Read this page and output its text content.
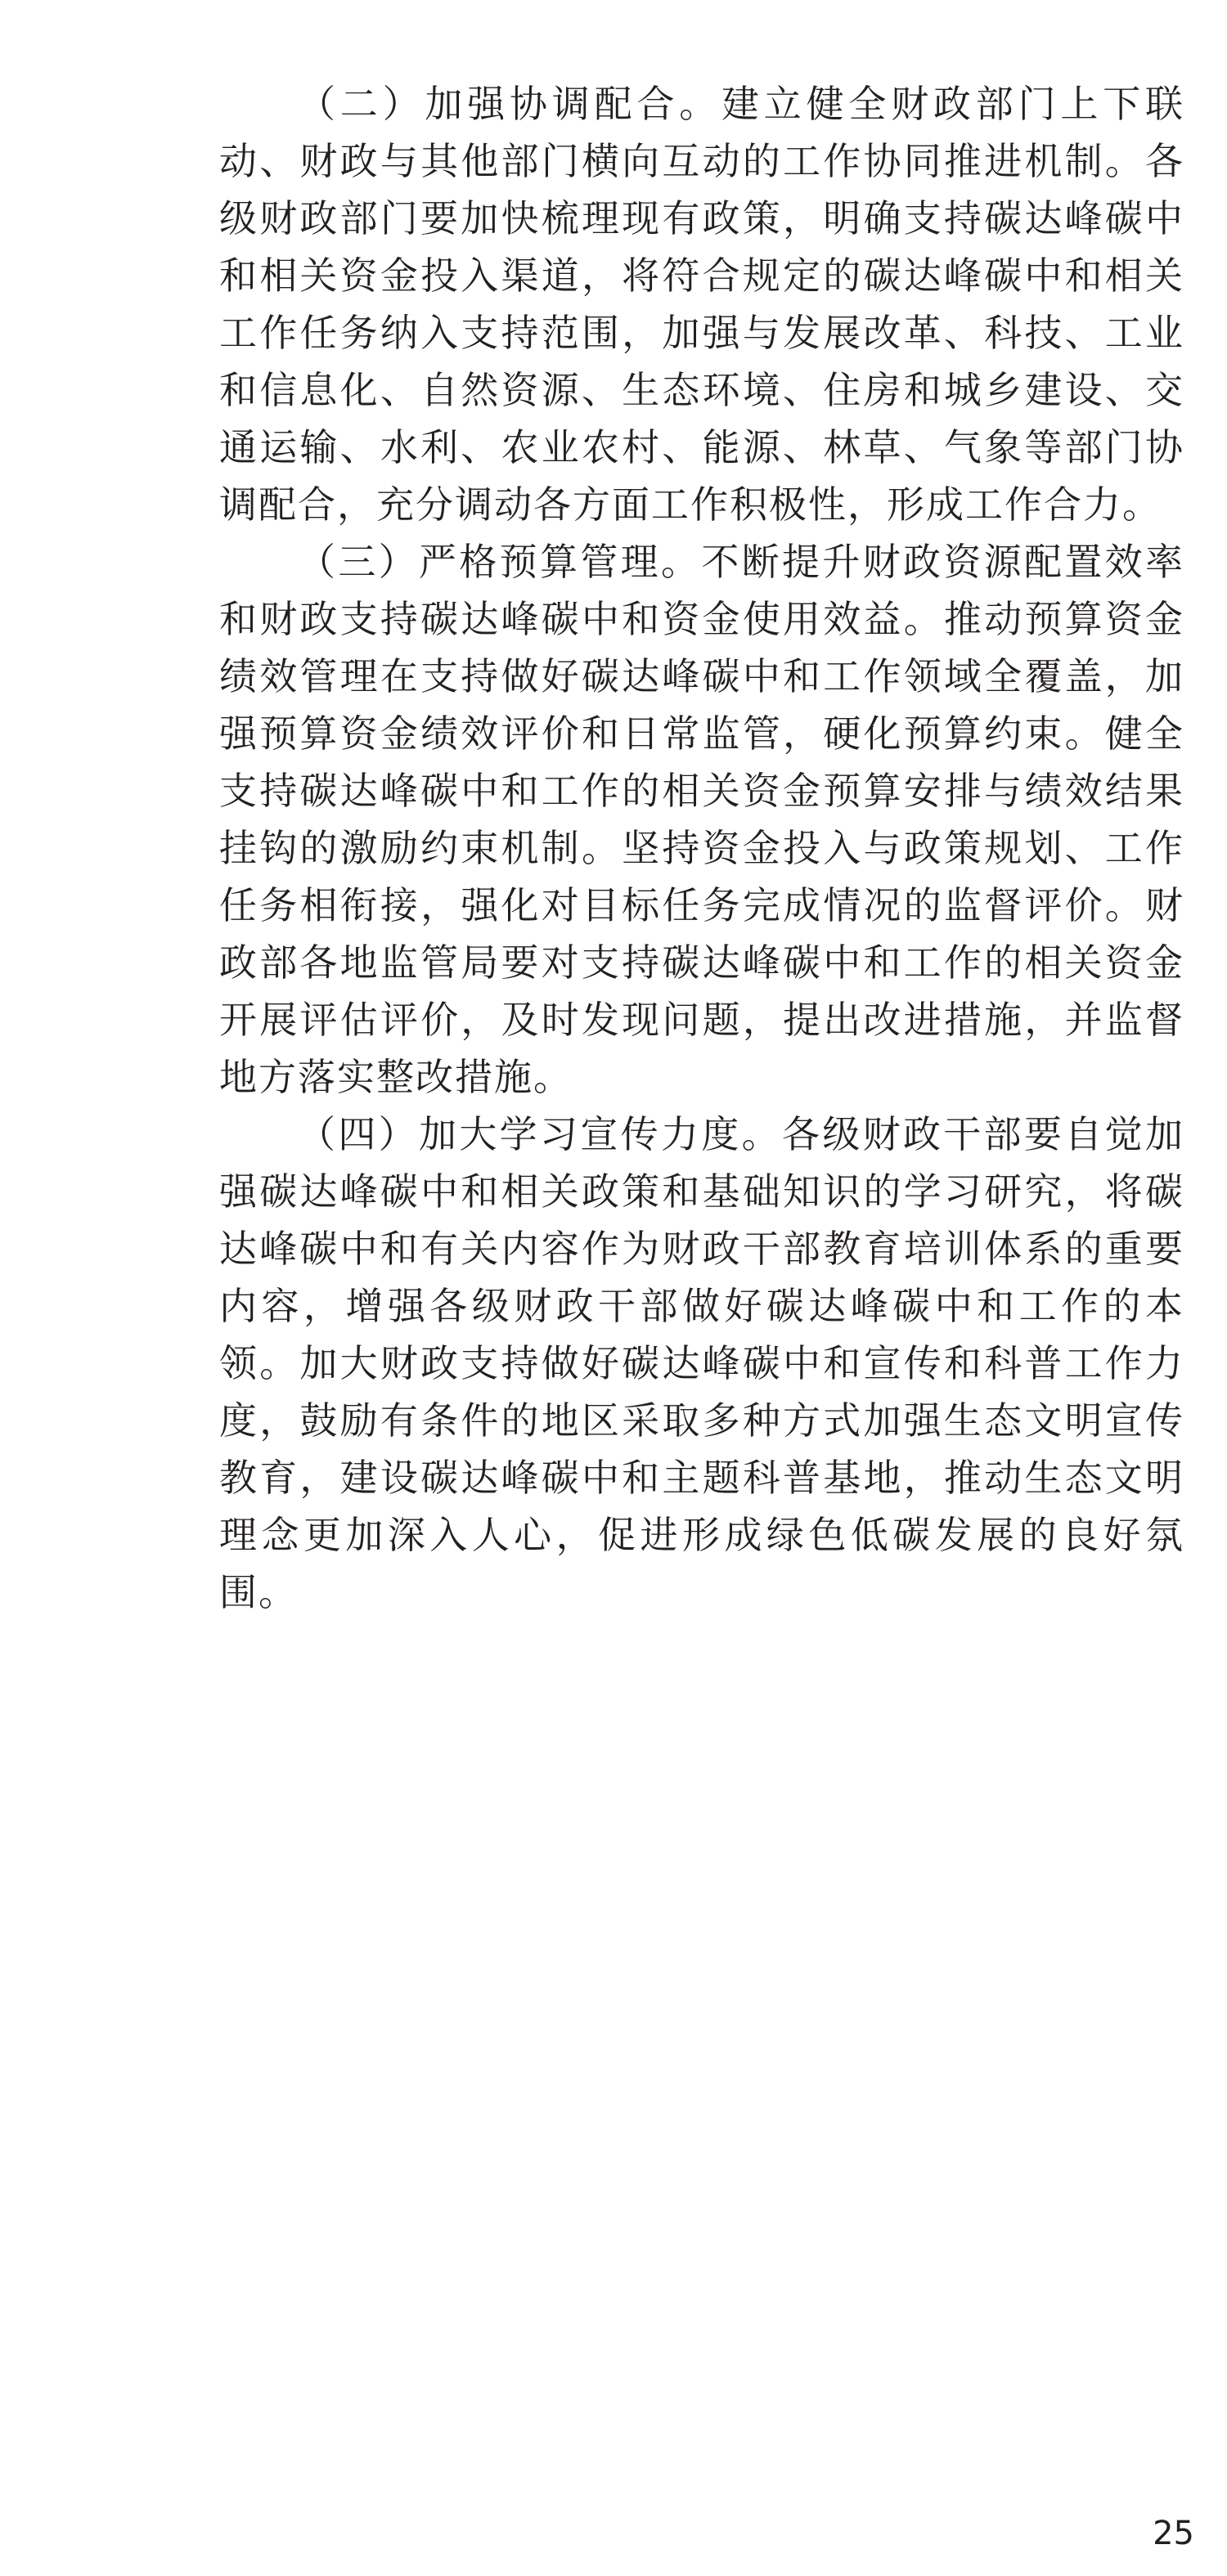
（二）加强协调配合。建立健全财政部门上下联动、财政与其他部门横向互动的工作协同推进机制。各级财政部门要加快梳理现有政策，明确支持碳达峰碳中和相关资金投入渠道，将符合规定的碳达峰碳中和相关工作任务纳入支持范围，加强与发展改革、科技、工业和信息化、自然资源、生态环境、住房和城乡建设、交通运输、水利、农业农村、能源、林草、气象等部门协调配合，充分调动各方面工作积极性，形成工作合力。

（三）严格预算管理。不断提升财政资源配置效率和财政支持碳达峰碳中和资金使用效益。推动预算资金绩效管理在支持做好碳达峰碳中和工作领域全覆盖，加强预算资金绩效评价和日常监管，硬化预算约束。健全支持碳达峰碳中和工作的相关资金预算安排与绩效结果挂钩的激励约束机制。坚持资金投入与政策规划、工作任务相衔接，强化对目标任务完成情况的监督评价。财政部各地监管局要对支持碳达峰碳中和工作的相关资金开展评估评价，及时发现问题，提出改进措施，并监督地方落实整改措施。

（四）加大学习宣传力度。各级财政干部要自觉加强碳达峰碳中和相关政策和基础知识的学习研究，将碳达峰碳中和有关内容作为财政干部教育培训体系的重要内容，增强各级财政干部做好碳达峰碳中和工作的本领。加大财政支持做好碳达峰碳中和宣传和科普工作力度，鼓励有条件的地区采取多种方式加强生态文明宣传教育，建设碳达峰碳中和主题科普基地，推动生态文明理念更加深入人心，促进形成绿色低碳发展的良好氛围。

25
